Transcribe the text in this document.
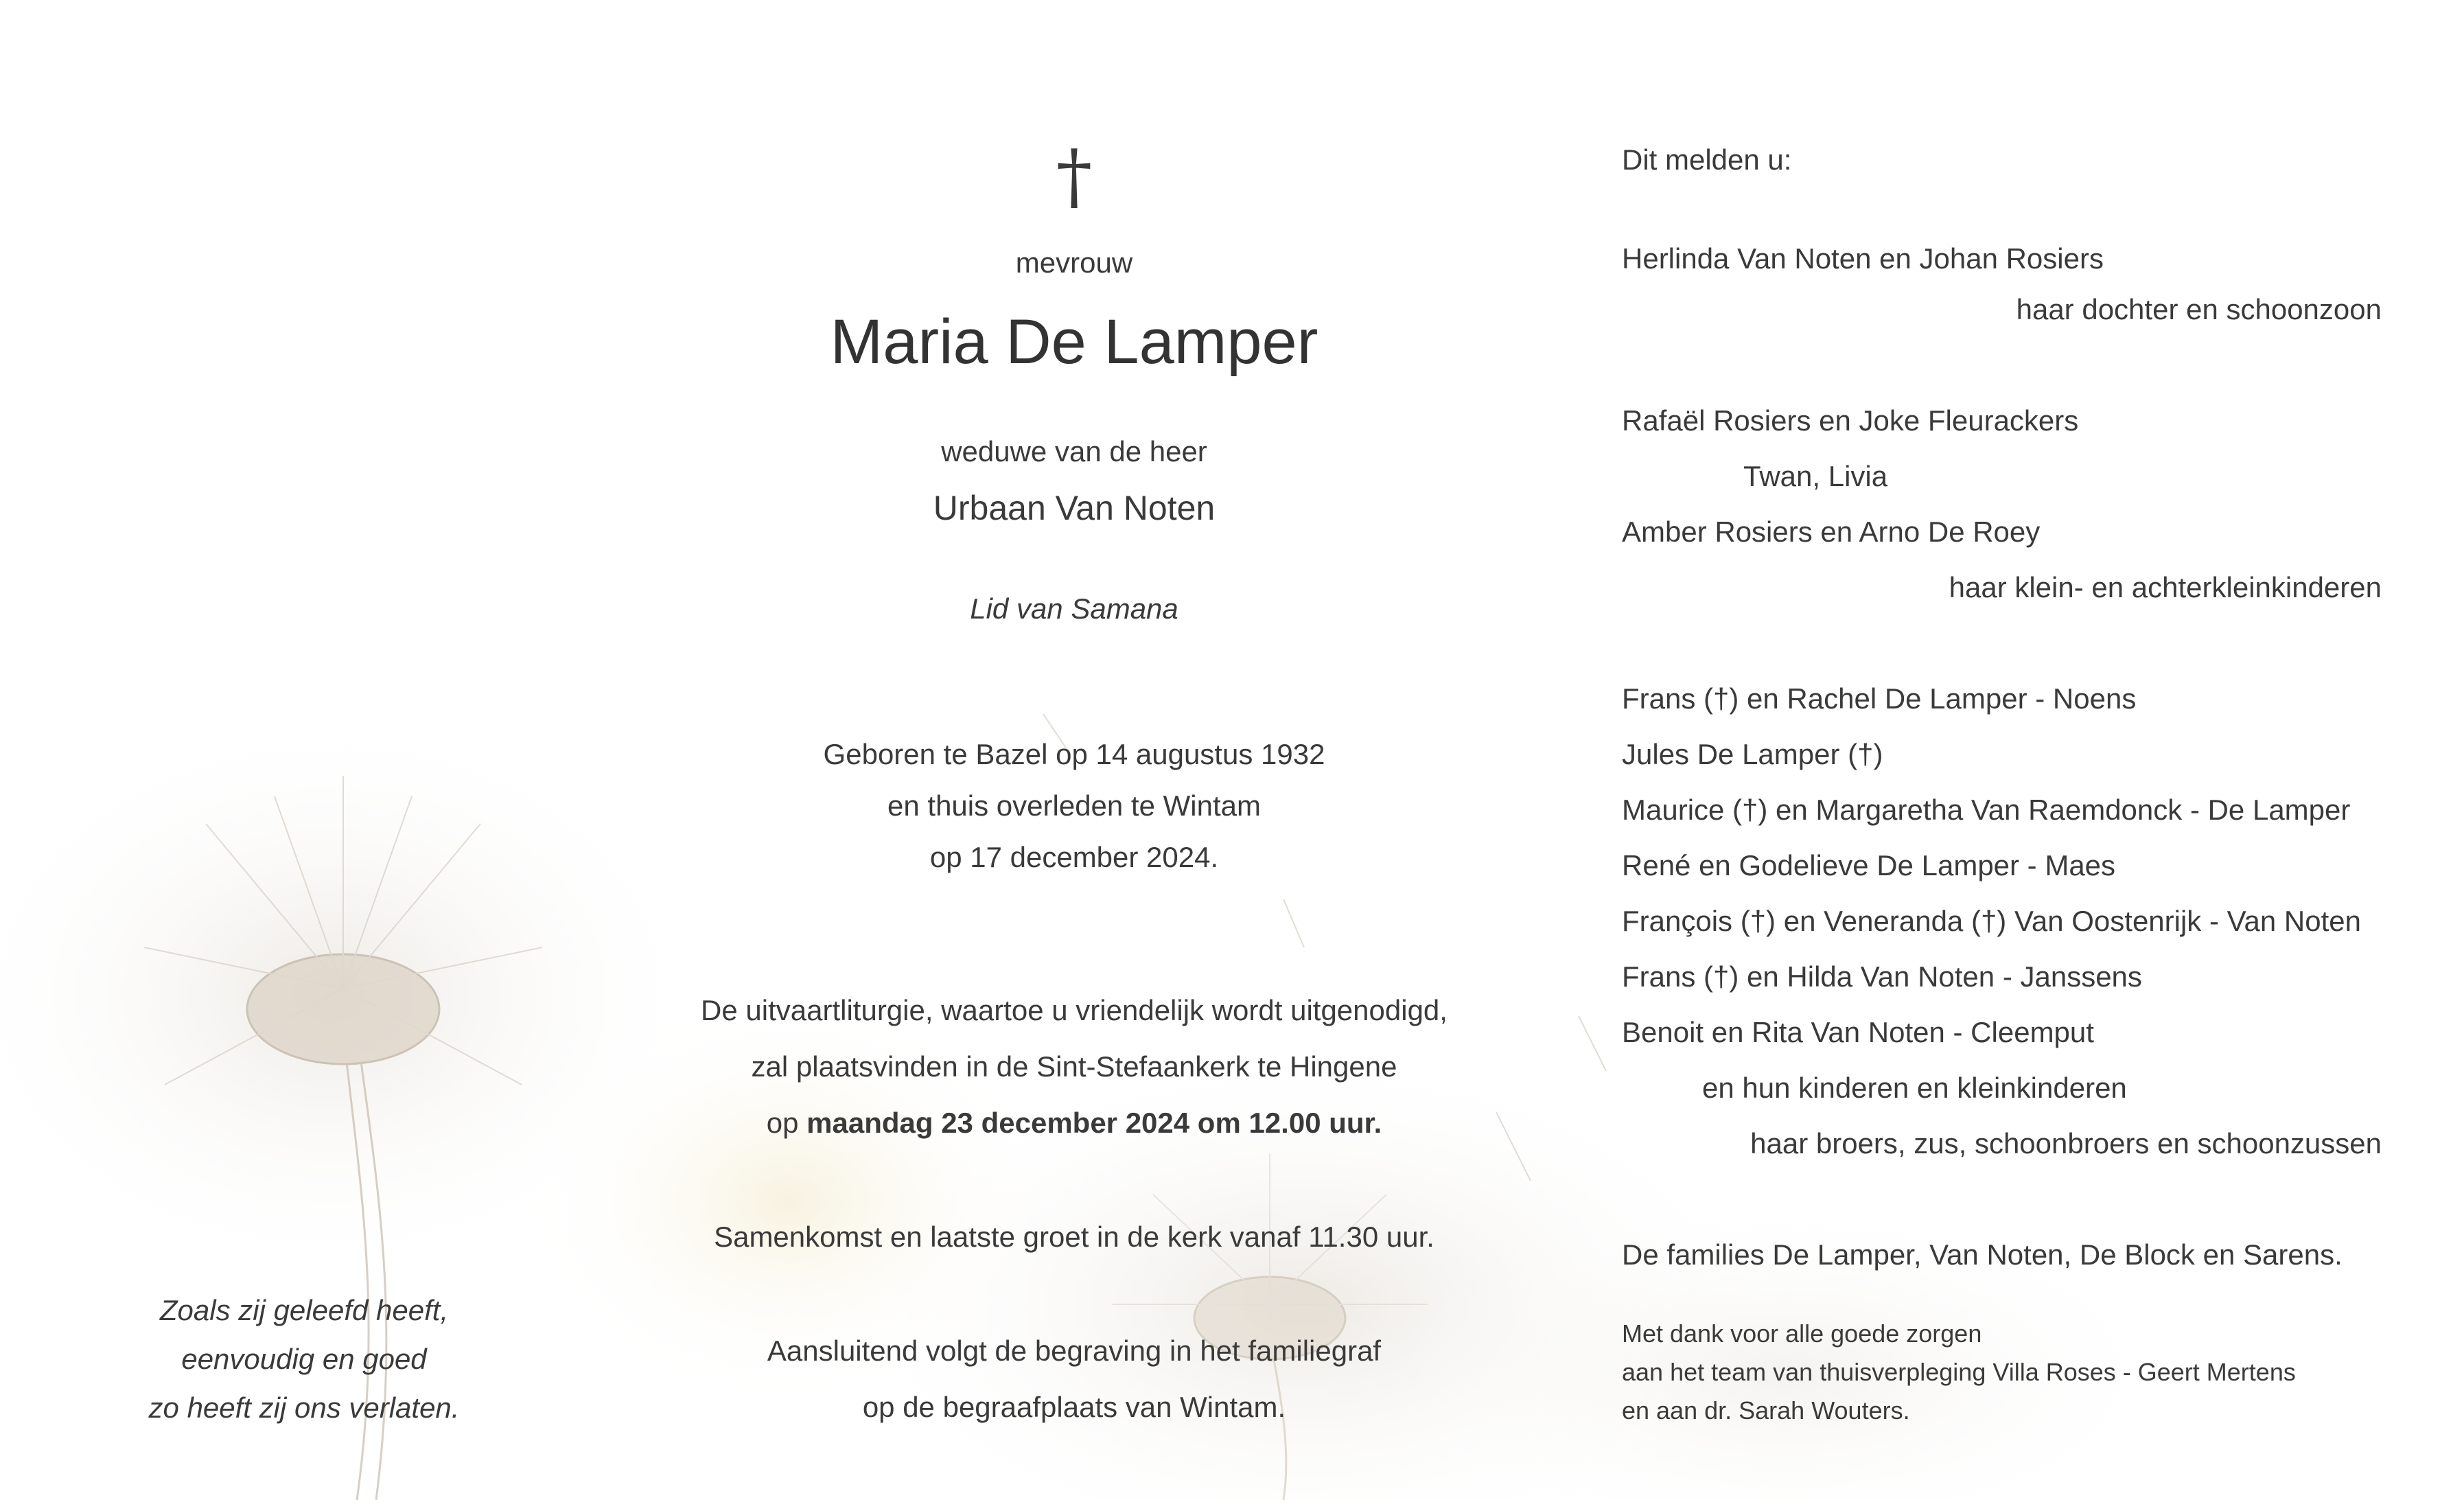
†
mevrouw
Maria De Lamper
weduwe van de heer
Urbaan Van Noten
Lid van Samana
Geboren te Bazel op 14 augustus 1932
en thuis overleden te Wintam
op 17 december 2024.
De uitvaartliturgie, waartoe u vriendelijk wordt uitgenodigd,
zal plaatsvinden in de Sint-Stefaankerk te Hingene
op maandag 23 december 2024 om 12.00 uur.
Samenkomst en laatste groet in de kerk vanaf 11.30 uur.
Aansluitend volgt de begraving in het familiegraf
op de begraafplaats van Wintam.
Zoals zij geleefd heeft,
eenvoudig en goed
zo heeft zij ons verlaten.
Dit melden u:
Herlinda Van Noten en Johan Rosiers
haar dochter en schoonzoon
Rafaël Rosiers en Joke Fleurackers
Twan, Livia
Amber Rosiers en Arno De Roey
haar klein- en achterkleinkinderen
Frans (†) en Rachel De Lamper - Noens
Jules De Lamper (†)
Maurice (†) en Margaretha Van Raemdonck - De Lamper
René en Godelieve De Lamper - Maes
François (†) en Veneranda (†) Van Oostenrijk - Van Noten
Frans (†) en Hilda Van Noten - Janssens
Benoit en Rita Van Noten - Cleemput
en hun kinderen en kleinkinderen
haar broers, zus, schoonbroers en schoonzussen
De families De Lamper, Van Noten, De Block en Sarens.
Met dank voor alle goede zorgen
aan het team van thuisverpleging Villa Roses - Geert Mertens
en aan dr. Sarah Wouters.
